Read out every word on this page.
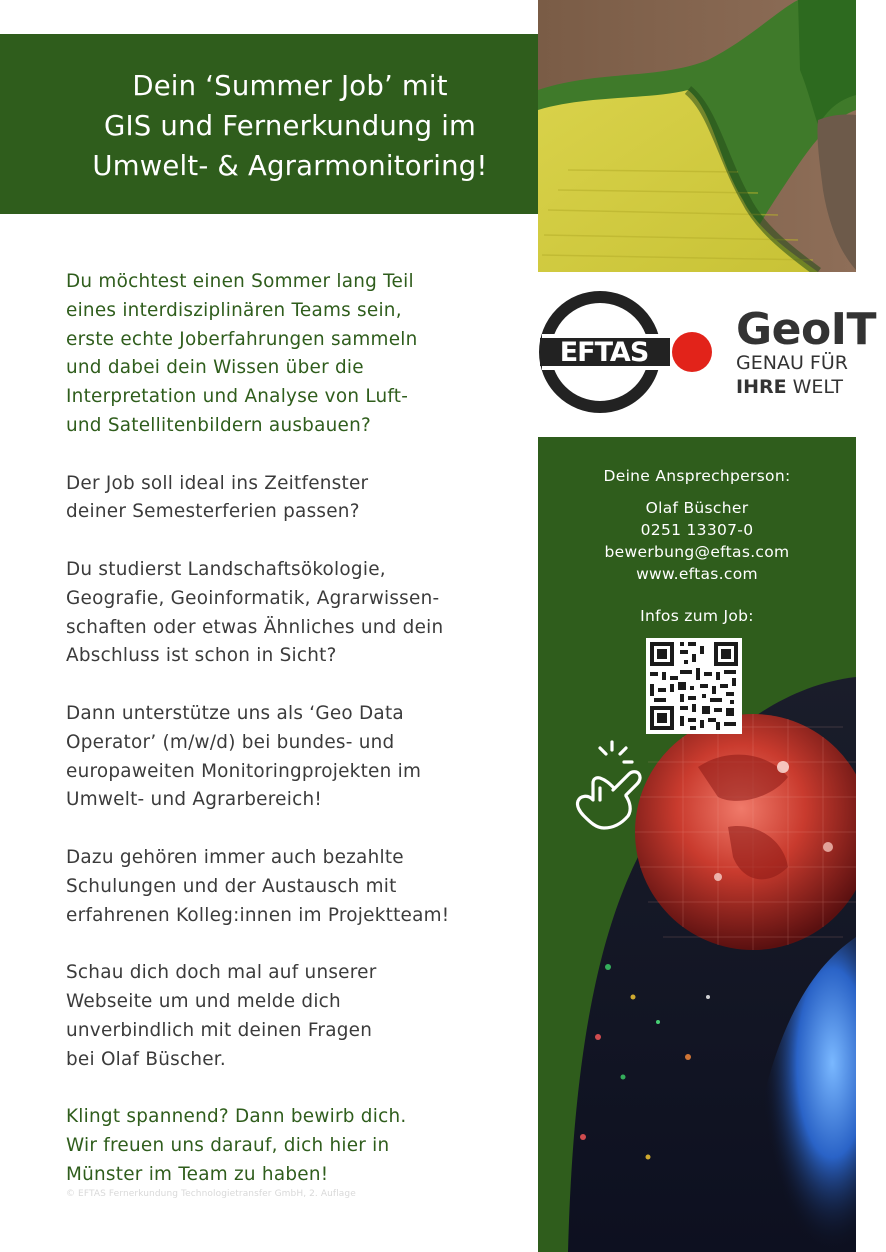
Dein ‘Summer Job’ mit
GIS und Fernerkundung im
Umwelt- & Agrarmonitoring!

Du möchtest einen Sommer lang Teil
eines interdisziplinären Teams sein,
erste echte Joberfahrungen sammeln
und dabei dein Wissen über die
Interpretation und Analyse von Luft-
und Satellitenbildern ausbauen?

Der Job soll ideal ins Zeitfenster
deiner Semesterferien passen?

Du studierst Landschaftsökologie,
Geografie, Geoinformatik, Agrarwissen-
schaften oder etwas Ähnliches und dein
Abschluss ist schon in Sicht?

Dann unterstütze uns als ‘Geo Data
Operator’ (m/w/d) bei bundes- und
europaweiten Monitoringprojekten im
Umwelt- und Agrarbereich!

Dazu gehören immer auch bezahlte
Schulungen und der Austausch mit
erfahrenen Kolleg:innen im Projektteam!

Schau dich doch mal auf unserer
Webseite um und melde dich
unverbindlich mit deinen Fragen
bei Olaf Büscher.

Klingt spannend? Dann bewirb dich.
Wir freuen uns darauf, dich hier in
Münster im Team zu haben!

© EFTAS Fernerkundung Technologietransfer GmbH, 2. Auflage
EFTAS GeoIT
GENAU FÜR
IHRE WELT
Deine Ansprechperson:
Olaf Büscher
0251 13307-0
bewerbung@eftas.com
www.eftas.com
Infos zum Job:
